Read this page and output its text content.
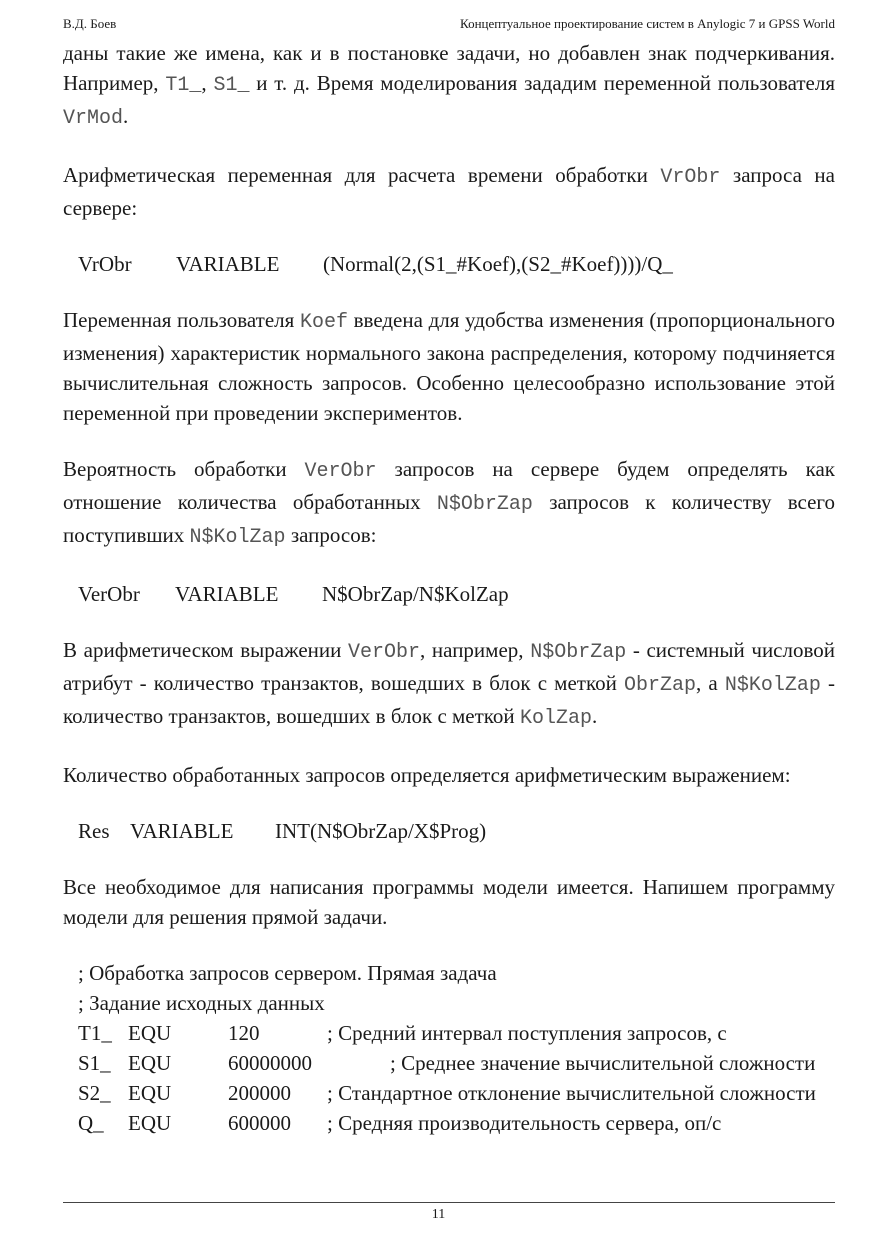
В.Д. Боев	Концептуальное проектирование систем в Anylogic 7 и GPSS World

даны такие же имена, как и в постановке задачи, но добавлен знак подчеркивания. Например, T1_, S1_ и т. д. Время моделирования зададим переменной пользователя VrMod.

Арифметическая переменная для расчета времени обработки VrObr запроса на сервере:

VrObr VARIABLE (Normal(2,(S1_#Koef),(S2_#Koef))))/Q_

Переменная пользователя Koef введена для удобства изменения (пропорционального изменения) характеристик нормального закона распределения, которому подчиняется вычислительная сложность запросов. Особенно целесообразно использование этой переменной при проведении экспериментов.

Вероятность обработки VerObr запросов на сервере будем определять как отношение количества обработанных N$ObrZap запросов к количеству всего поступивших N$KolZap запросов:

VerObr VARIABLE N$ObrZap/N$KolZap

В арифметическом выражении VerObr, например, N$ObrZap - системный числовой атрибут - количество транзактов, вошедших в блок с меткой ObrZap, а N$KolZap - количество транзактов, вошедших в блок с меткой KolZap.

Количество обработанных запросов определяется арифметическим выражением:

Res VARIABLE INT(N$ObrZap/X$Prog)

Все необходимое для написания программы модели имеется. Напишем программу модели для решения прямой задачи.

; Обработка запросов сервером. Прямая задача
; Задание исходных данных
T1_ EQU	120	; Средний интервал поступления запросов, с
S1_ EQU	60000000	; Среднее значение вычислительной сложности
S2_ EQU	200000 ; Стандартное отклонение вычислительной сложности
Q_ EQU	600000 ; Средняя производительность сервера, оп/с
11
